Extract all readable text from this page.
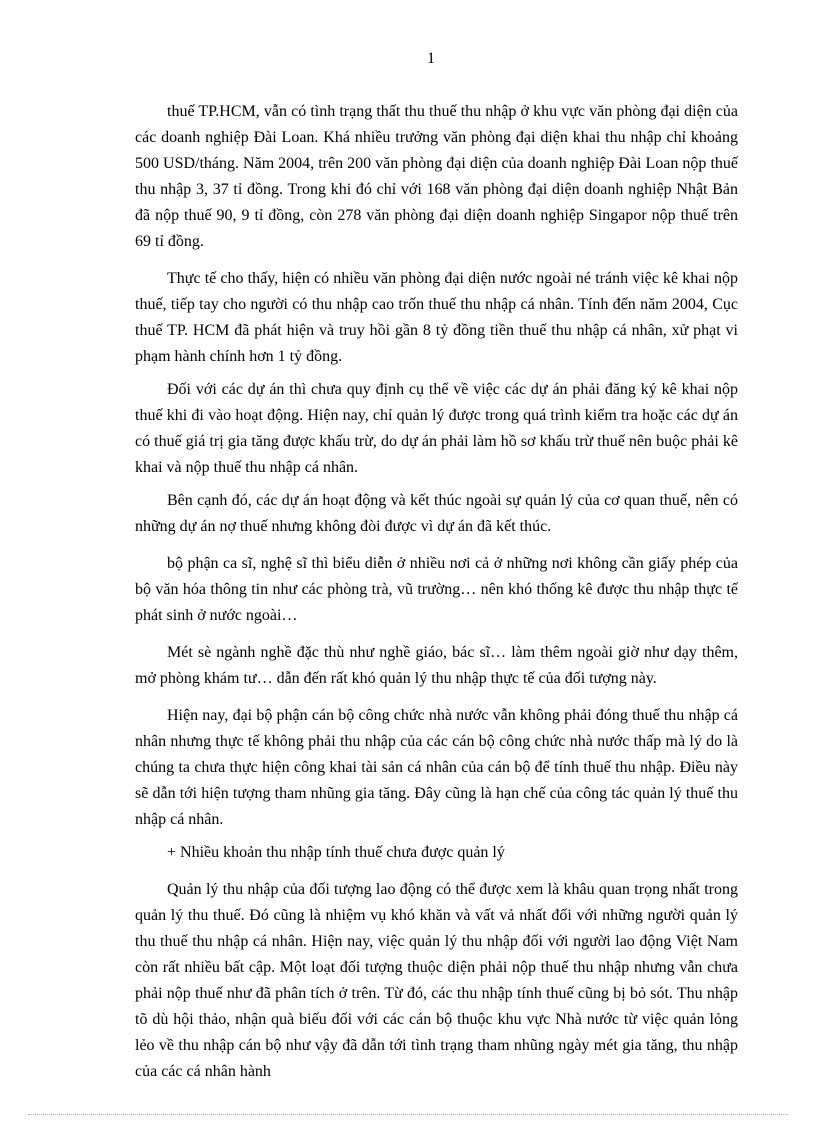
1

thuế TP.HCM, vẫn có tình trạng thất thu thuế thu nhập ở khu vực văn phòng đại diện của các doanh nghiệp Đài Loan. Khá nhiều trưởng văn phòng đại diện khai thu nhập chỉ khoảng 500 USD/tháng. Năm 2004, trên 200 văn phòng đại diện của doanh nghiệp Đài Loan nộp thuế thu nhập 3, 37 tỉ đồng. Trong khi đó chỉ với 168 văn phòng đại diện doanh nghiệp Nhật Bản đã nộp thuế 90, 9 tỉ đồng, còn 278 văn phòng đại diện doanh nghiệp Singapor nộp thuế trên 69 tỉ đồng.

Thực tế cho thấy, hiện có nhiều văn phòng đại diện nước ngoài né tránh việc kê khai nộp thuế, tiếp tay cho người có thu nhập cao trốn thuế thu nhập cá nhân. Tính đến năm 2004, Cục thuế TP. HCM đã phát hiện và truy hồi gần 8 tỷ đồng tiền thuế thu nhập cá nhân, xử phạt vi phạm hành chính hơn 1 tỷ đồng.

Đối với các dự án thì chưa quy định cụ thể về việc các dự án phải đăng ký kê khai nộp thuế khi đi vào hoạt động. Hiện nay, chỉ quản lý được trong quá trình kiểm tra hoặc các dự án có thuế giá trị gia tăng được khấu trừ, do dự án phải làm hồ sơ khấu trừ thuế nên buộc phải kê khai và nộp thuế thu nhập cá nhân.

Bên cạnh đó, các dự án hoạt động và kết thúc ngoài sự quản lý của cơ quan thuế, nên có những dự án nợ thuế nhưng không đòi được vì dự án đã kết thúc.

bộ phận ca sĩ, nghệ sĩ thì biểu diễn ở nhiều nơi cả ở những nơi không cần giấy phép của bộ văn hóa thông tin như các phòng trà, vũ trường… nên khó thống kê được thu nhập thực tế phát sinh ở nước ngoài…

Mét sè ngành nghề đặc thù như nghề giáo, bác sĩ… làm thêm ngoài giờ như dạy thêm, mở phòng khám tư… dẫn đến rất khó quản lý thu nhập thực tế của đối tượng này.

Hiện nay, đại bộ phận cán bộ công chức nhà nước vẫn không phải đóng thuế thu nhập cá nhân nhưng thực tế không phải thu nhập của các cán bộ công chức nhà nước thấp mà lý do là chúng ta chưa thực hiện công khai tài sản cá nhân của cán bộ để tính thuế thu nhập. Điều này sẽ dẫn tới hiện tượng tham nhũng gia tăng. Đây cũng là hạn chế của công tác quản lý thuế thu nhập cá nhân.

+ Nhiều khoản thu nhập tính thuế chưa được quản lý

Quản lý thu nhập của đối tượng lao động có thể được xem là khâu quan trọng nhất trong quản lý thu thuế. Đó cũng là nhiệm vụ khó khăn và vất vả nhất đối với những người quản lý thu thuế thu nhập cá nhân. Hiện nay, việc quản lý thu nhập đối với người lao động Việt Nam còn rất nhiều bất cập. Một loạt đối tượng thuộc diện phải nộp thuế thu nhập nhưng vẫn chưa phải nộp thuế như đã phân tích ở trên. Từ đó, các thu nhập tính thuế cũng bị bỏ sót. Thu nhập tõ dù hội thảo, nhận quà biếu đối với các cán bộ thuộc khu vực Nhà nước từ việc quản lỏng lẻo về thu nhập cán bộ như vậy đã dẫn tới tình trạng tham nhũng ngày mét gia tăng, thu nhập của các cá nhân hành
